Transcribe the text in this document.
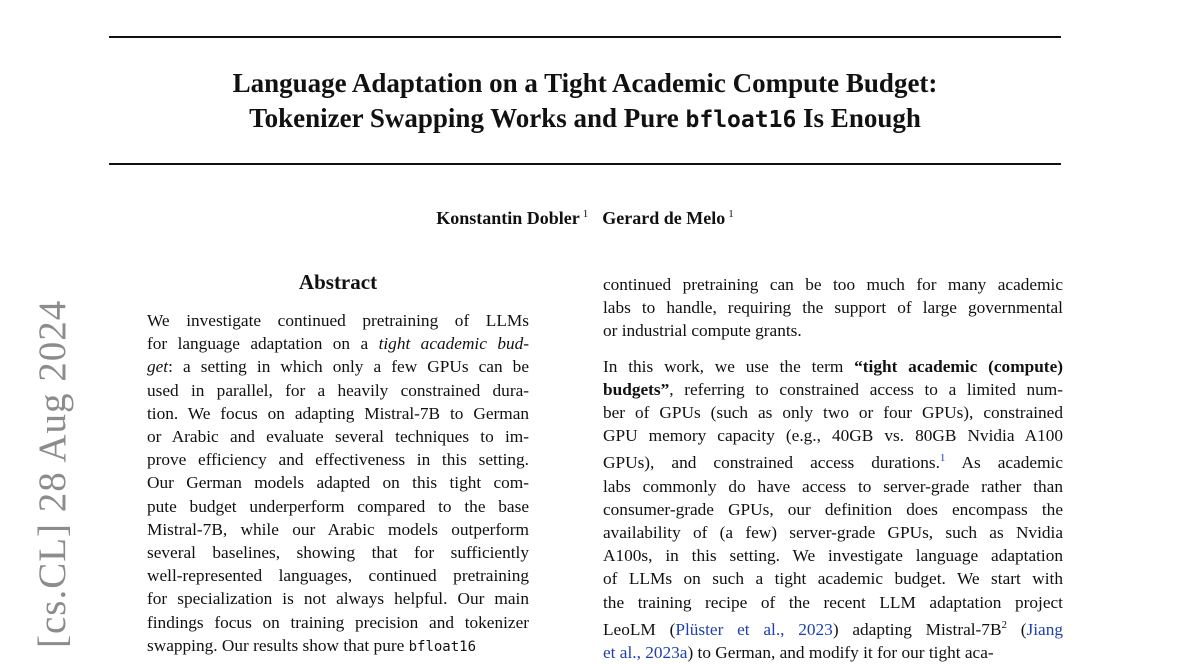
Language Adaptation on a Tight Academic Compute Budget:
Tokenizer Swapping Works and Pure bfloat16 Is Enough
Konstantin Dobler $^1$ Gerard de Melo $^1$
[cs.CL] 28 Aug 2024
Abstract
We investigate continued pretraining of LLMs
for language adaptation on a tight academic bud-
get: a setting in which only a few GPUs can be
used in parallel, for a heavily constrained dura-
tion. We focus on adapting Mistral-7B to German
or Arabic and evaluate several techniques to im-
prove efficiency and effectiveness in this setting.
Our German models adapted on this tight com-
pute budget underperform compared to the base
Mistral-7B, while our Arabic models outperform
several baselines, showing that for sufficiently
well-represented languages, continued pretraining
for specialization is not always helpful. Our main
findings focus on training precision and tokenizer
swapping. Our results show that pure bfloat16
continued pretraining can be too much for many academic
labs to handle, requiring the support of large governmental
or industrial compute grants.
In this work, we use the term “tight academic (compute)
budgets”, referring to constrained access to a limited num-
ber of GPUs (such as only two or four GPUs), constrained
GPU memory capacity (e.g., 40GB vs. 80GB Nvidia A100
GPUs), and constrained access durations.$^1$ As academic
labs commonly do have access to server-grade rather than
consumer-grade GPUs, our definition does encompass the
availability of (a few) server-grade GPUs, such as Nvidia
A100s, in this setting. We investigate language adaptation
of LLMs on such a tight academic budget. We start with
the training recipe of the recent LLM adaptation project
LeoLM (Plüster et al., 2023) adapting Mistral-7B$^2$ (Jiang
et al., 2023a) to German, and modify it for our tight aca-
